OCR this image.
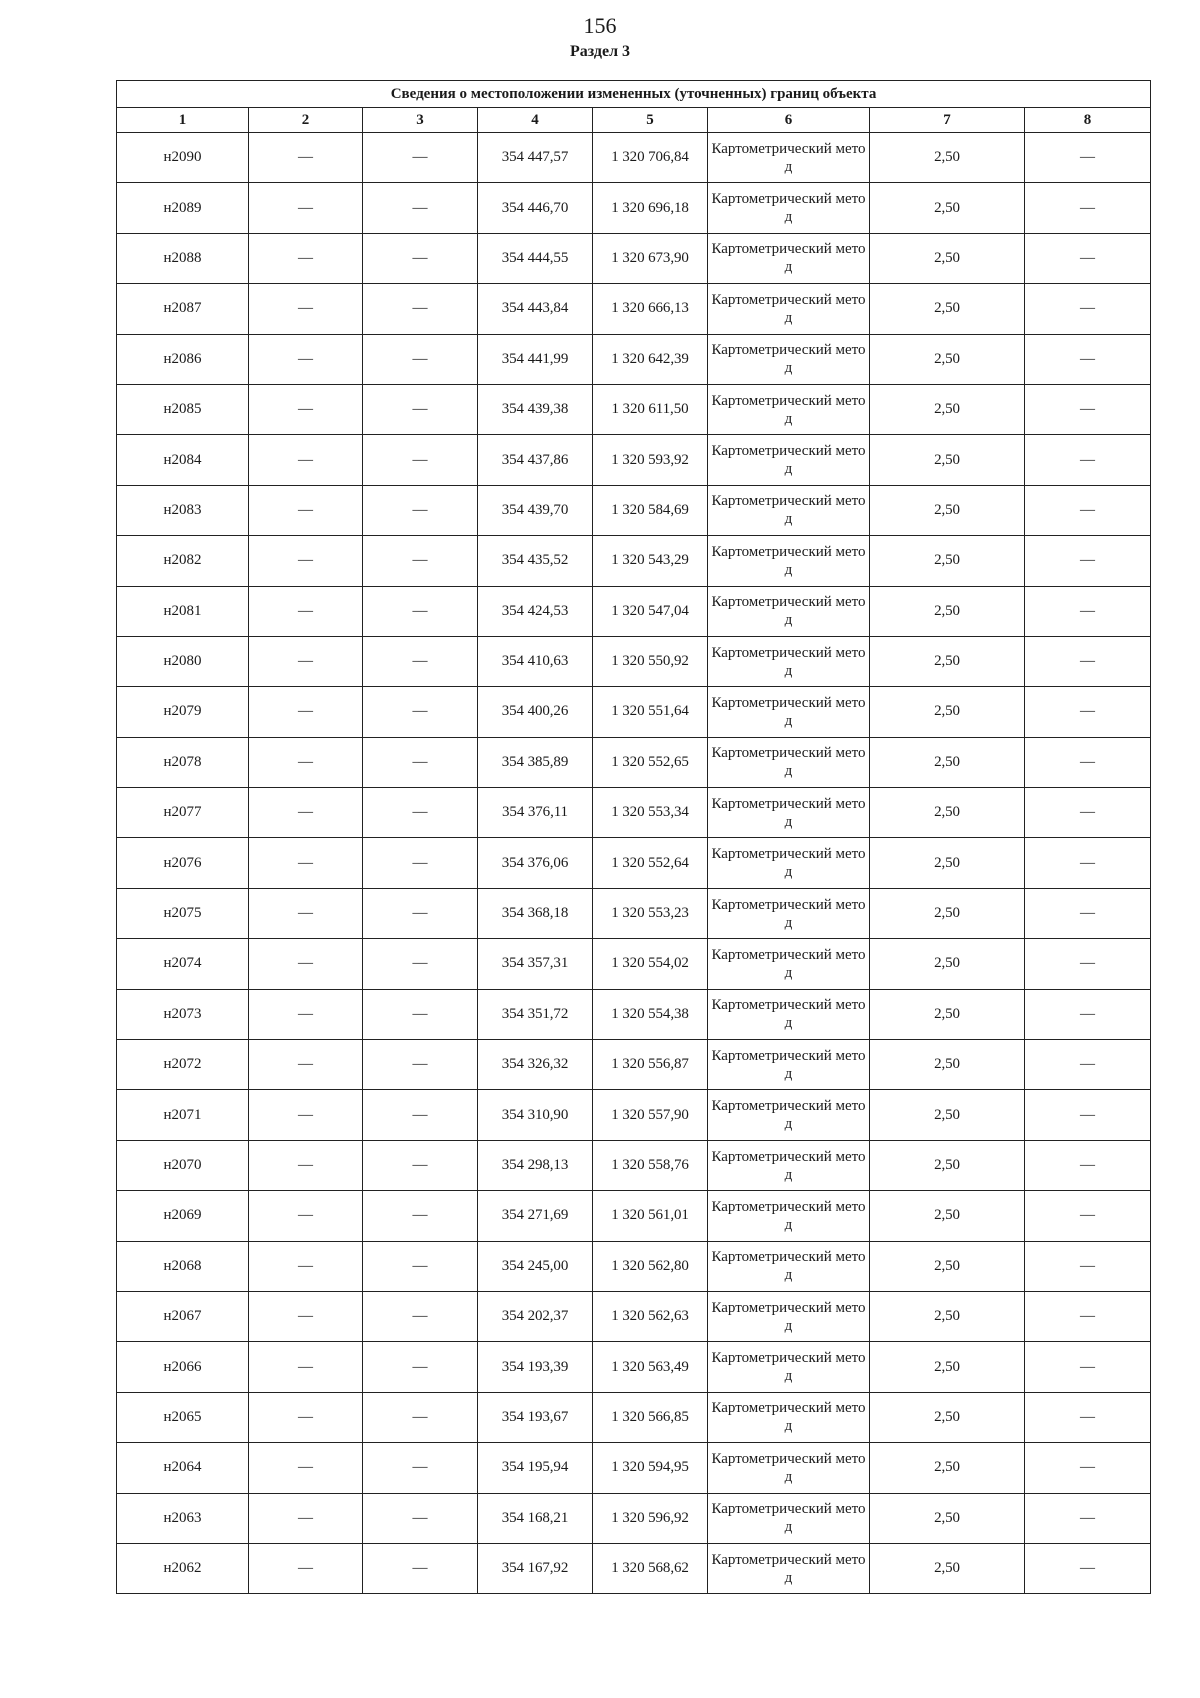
156
Раздел 3
Сведения о местоположении измененных (уточненных) границ объекта							
1	2	3	4	5	6	7	8
н2090	—	—	354 447,57	1 320 706,84	Картометрический метод	2,50	—
н2089	—	—	354 446,70	1 320 696,18	Картометрический метод	2,50	—
н2088	—	—	354 444,55	1 320 673,90	Картометрический метод	2,50	—
н2087	—	—	354 443,84	1 320 666,13	Картометрический метод	2,50	—
н2086	—	—	354 441,99	1 320 642,39	Картометрический метод	2,50	—
н2085	—	—	354 439,38	1 320 611,50	Картометрический метод	2,50	—
н2084	—	—	354 437,86	1 320 593,92	Картометрический метод	2,50	—
н2083	—	—	354 439,70	1 320 584,69	Картометрический метод	2,50	—
н2082	—	—	354 435,52	1 320 543,29	Картометрический метод	2,50	—
н2081	—	—	354 424,53	1 320 547,04	Картометрический метод	2,50	—
н2080	—	—	354 410,63	1 320 550,92	Картометрический метод	2,50	—
н2079	—	—	354 400,26	1 320 551,64	Картометрический метод	2,50	—
н2078	—	—	354 385,89	1 320 552,65	Картометрический метод	2,50	—
н2077	—	—	354 376,11	1 320 553,34	Картометрический метод	2,50	—
н2076	—	—	354 376,06	1 320 552,64	Картометрический метод	2,50	—
н2075	—	—	354 368,18	1 320 553,23	Картометрический метод	2,50	—
н2074	—	—	354 357,31	1 320 554,02	Картометрический метод	2,50	—
н2073	—	—	354 351,72	1 320 554,38	Картометрический метод	2,50	—
н2072	—	—	354 326,32	1 320 556,87	Картометрический метод	2,50	—
н2071	—	—	354 310,90	1 320 557,90	Картометрический метод	2,50	—
н2070	—	—	354 298,13	1 320 558,76	Картометрический метод	2,50	—
н2069	—	—	354 271,69	1 320 561,01	Картометрический метод	2,50	—
н2068	—	—	354 245,00	1 320 562,80	Картометрический метод	2,50	—
н2067	—	—	354 202,37	1 320 562,63	Картометрический метод	2,50	—
н2066	—	—	354 193,39	1 320 563,49	Картометрический метод	2,50	—
н2065	—	—	354 193,67	1 320 566,85	Картометрический метод	2,50	—
н2064	—	—	354 195,94	1 320 594,95	Картометрический метод	2,50	—
н2063	—	—	354 168,21	1 320 596,92	Картометрический метод	2,50	—
н2062	—	—	354 167,92	1 320 568,62	Картометрический метод	2,50	—
